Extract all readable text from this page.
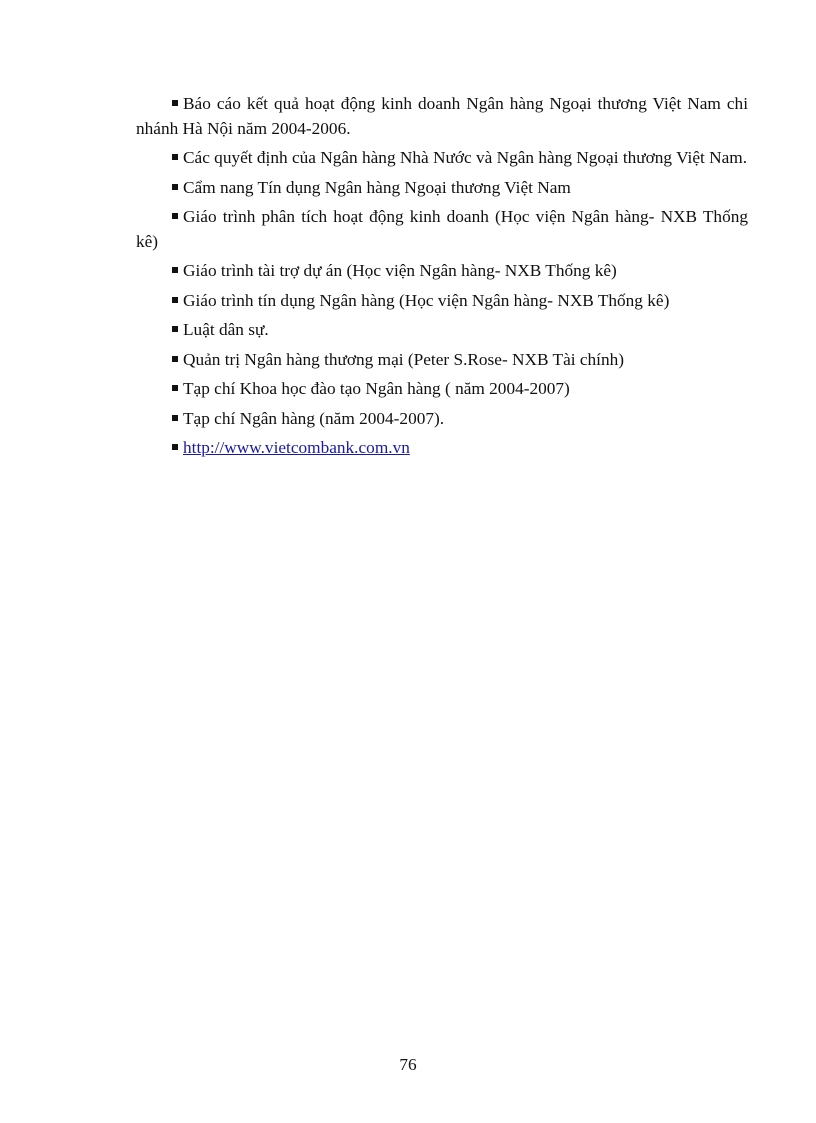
Báo cáo kết quả hoạt động kinh doanh Ngân hàng Ngoại thương Việt Nam chi nhánh Hà Nội năm 2004-2006.
Các quyết định của Ngân hàng Nhà Nước và Ngân hàng Ngoại thương Việt Nam.
Cẩm nang Tín dụng Ngân hàng Ngoại thương Việt Nam
Giáo trình phân tích hoạt động kinh doanh (Học viện Ngân hàng- NXB Thống kê)
Giáo trình tài trợ dự án (Học viện Ngân hàng- NXB Thống kê)
Giáo trình tín dụng Ngân hàng (Học viện Ngân hàng- NXB Thống kê)
Luật dân sự.
Quản trị Ngân hàng thương mại (Peter S.Rose- NXB Tài chính)
Tạp chí Khoa học đào tạo Ngân hàng ( năm 2004-2007)
Tạp chí Ngân hàng (năm 2004-2007).
http://www.vietcombank.com.vn
76
